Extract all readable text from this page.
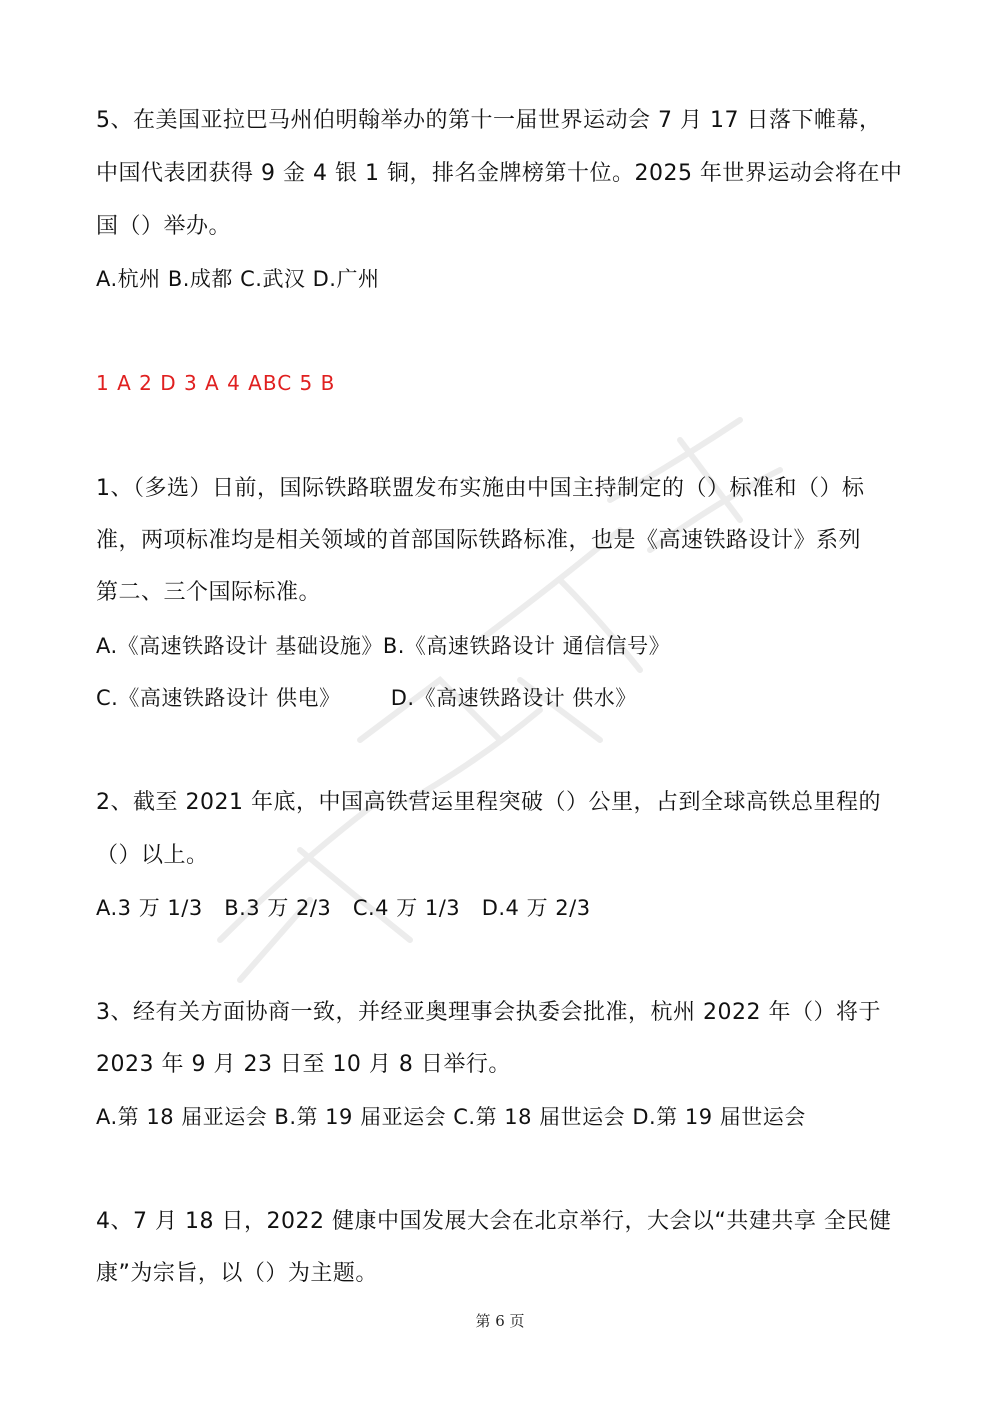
5、在美国亚拉巴马州伯明翰举办的第十一届世界运动会 7 月 17 日落下帷幕，
中国代表团获得 9 金 4 银 1 铜，排名金牌榜第十位。2025 年世界运动会将在中
国（）举办。
A.杭州 B.成都 C.武汉 D.广州
1 A 2 D 3 A 4 ABC 5 B
1、（多选）日前，国际铁路联盟发布实施由中国主持制定的（）标准和（）标
准，两项标准均是相关领域的首部国际铁路标准，也是《高速铁路设计》系列
第二、三个国际标准。
A.《高速铁路设计 基础设施》B.《高速铁路设计 通信信号》
C.《高速铁路设计 供电》       D.《高速铁路设计 供水》
2、截至 2021 年底，中国高铁营运里程突破（）公里，占到全球高铁总里程的
（）以上。
A.3 万 1/3   B.3 万 2/3   C.4 万 1/3   D.4 万 2/3
3、经有关方面协商一致，并经亚奥理事会执委会批准，杭州 2022 年（）将于
2023 年 9 月 23 日至 10 月 8 日举行。
A.第 18 届亚运会 B.第 19 届亚运会 C.第 18 届世运会 D.第 19 届世运会
4、7 月 18 日，2022 健康中国发展大会在北京举行，大会以“共建共享 全民健
康”为宗旨，以（）为主题。
第 6 页
